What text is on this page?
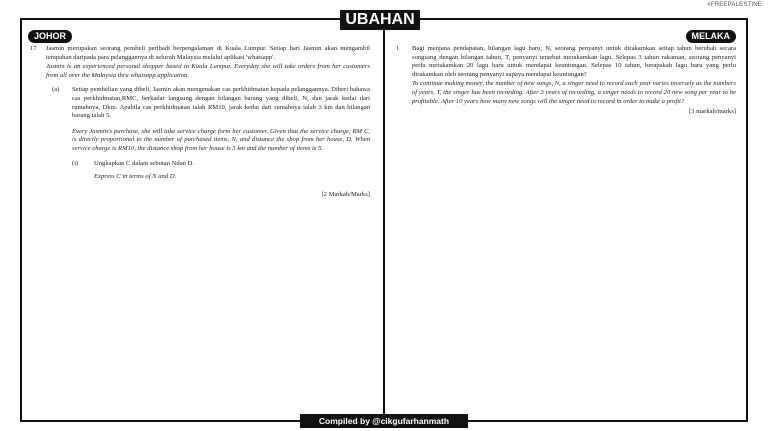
#FREEPALESTINE
UBAHAN
JOHOR	MELAKA
17	Jasmin merupakan seorang pembeli peribadi berpengalaman di Kuala Lumpur. Setiap hari Jasmin akan mengambil tempahan daripada para pelanggannya di seluruh Malaysia melalui aplikasi 'whatsapp'.

Jasmin is an experienced personal shopper based in Kuala Lumpur. Everyday she will take orders from her customers from all over the Malaysia thru whatsapp application.

(a)	Setiap pembelian yang dibeli, Jasmin akan mengenakan cas perkhidmatan kepada pelanggannya. Diberi bahawa cas perkhidmatan,RMC, berkadar langsung dengan bilangan barang yang dibeli, N, dan jarak kedai dari rumahnya, Dkm. Apabila cas perkhidmatan ialah RM10, jarak kedai dari rumahnya ialah 3 km dan bilangan barang ialah 5.

Every Jasmin's purchase, she will take service charge form her customer. Given that the service charge, RM C, is directly proportional to the number of purchased items, N, and distance the shop from her house, D. When service charge is RM10, the distance shop from her house is 3 km and the number of items is 5.

(i)	Ungkapkan C dalam sebutan Ndan D.

Express C in terms of N and D.

[2 Markah/Marks]
1	Bagi menjana pendapatan, bilangan lagu baru, N, seorang penyanyi untuk dirakamkan setiap tahun berubah secara songsang dengan bilangan tahun, T, penyanyi tersebut merakamkan lagu. Selepas 3 tahun rakaman, seorang penyanyi perlu merakamkan 20 lagu baru untuk mendapat keuntungan. Selepas 10 tahun, berapakah lagu baru yang perlu dirakamkan oleh seorang penyanyi supaya mendapat keuntungan?

To continue making money, the number of new songs, N, a singer need to record each year varies inversely as the numbers of years, T, the singer has been recording. After 3 years of recording, a singer needs to record 20 new song per year to be profitable. After 10 years how many new songs will the singer need to record in order to make a profit?

[3 markah/marks]
Compiled by @cikgufarhanmath
